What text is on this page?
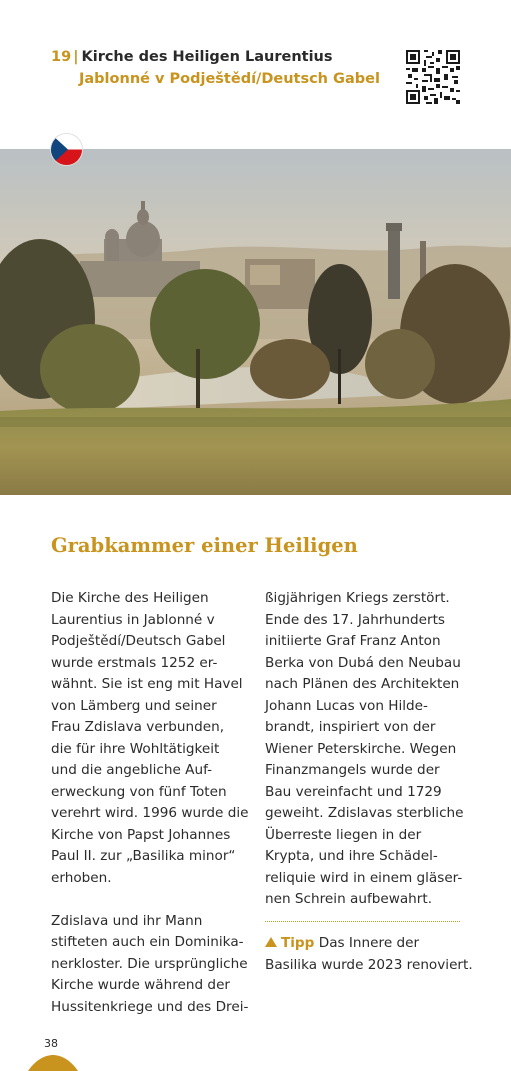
19 | Kirche des Heiligen Laurentius
Jablonné v Podještědí/Deutsch Gabel
Grabkammer einer Heiligen

Die Kirche des Heiligen
Laurentius in Jablonné v
Podještědí/Deutsch Gabel
wurde erstmals 1252 er-
wähnt. Sie ist eng mit Havel
von Lämberg und seiner
Frau Zdislava verbunden,
die für ihre Wohltätigkeit
und die angebliche Auf-
erweckung von fünf Toten
verehrt wird. 1996 wurde die
Kirche von Papst Johannes
Paul II. zur „Basilika minor“
erhoben.

Zdislava und ihr Mann
stifteten auch ein Dominika-
nerkloster. Die ursprüngliche
Kirche wurde während der
Hussitenkriege und des Drei-

ßigjährigen Kriegs zerstört.
Ende des 17. Jahrhunderts
initiierte Graf Franz Anton
Berka von Dubá den Neubau
nach Plänen des Architekten
Johann Lucas von Hilde-
brandt, inspiriert von der
Wiener Peterskirche. Wegen
Finanzmangels wurde der
Bau vereinfacht und 1729
geweiht. Zdislavas sterbliche
Überreste liegen in der
Krypta, und ihre Schädel-
reliquie wird in einem gläser-
nen Schrein aufbewahrt.

Tipp Das Innere der
Basilika wurde 2023 renoviert.
38
